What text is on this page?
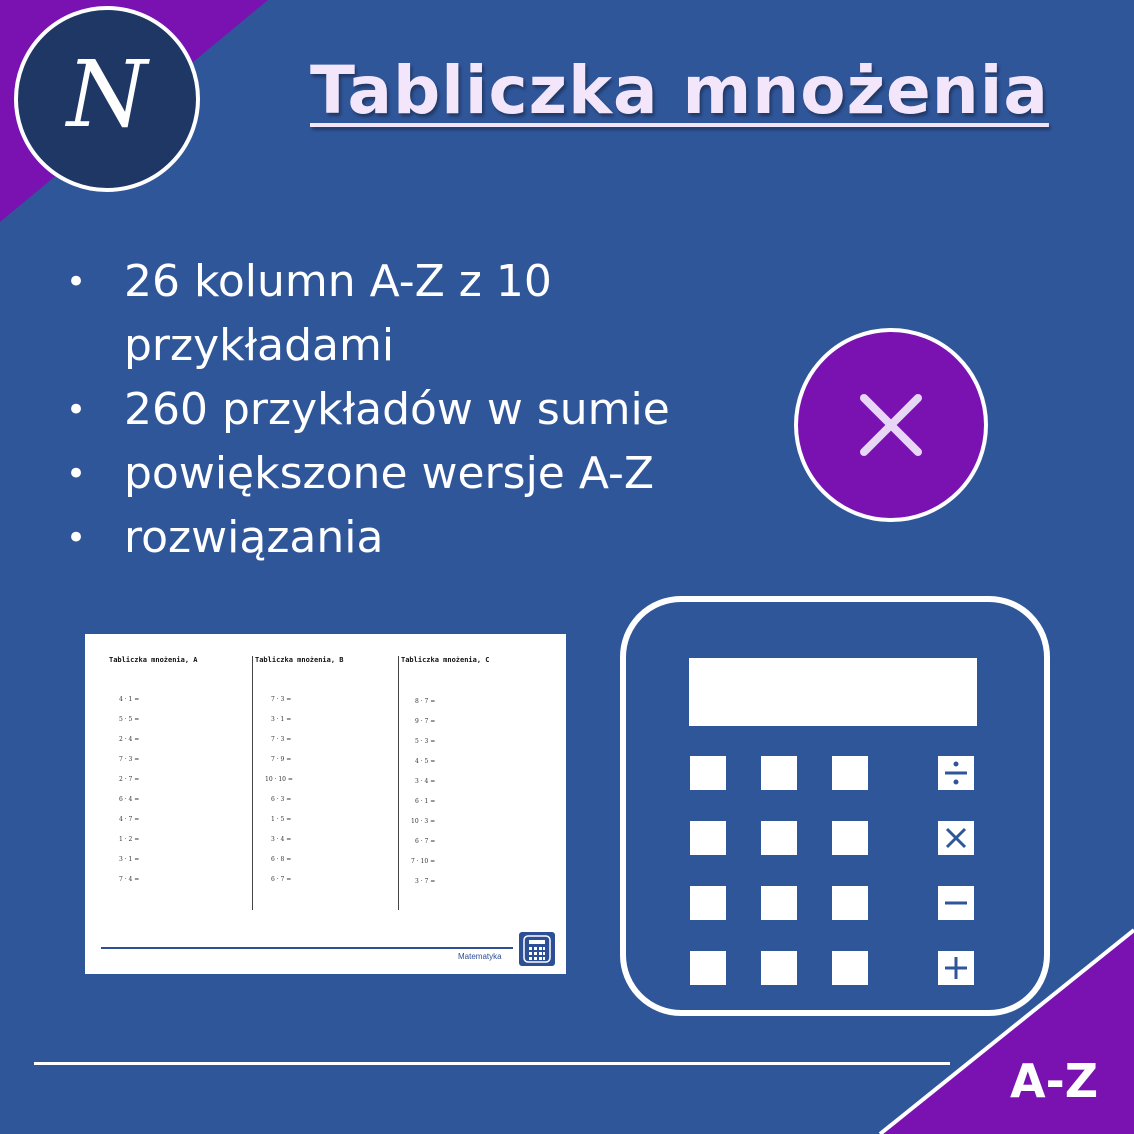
N Tabliczka mnożenia
• 26 kolumn A-Z z 10 przykładami
• 260 przykładów w sumie
• powiększone wersje A-Z
• rozwiązania
Tabliczka mnożenia, A
4 · 1 =
5 · 5 =
2 · 4 =
7 · 3 =
2 · 7 =
6 · 4 =
4 · 7 =
1 · 2 =
3 · 1 =
7 · 4 =
Tabliczka mnożenia, B
7 · 3 =
3 · 1 =
7 · 3 =
7 · 9 =
10 · 10 =
6 · 3 =
1 · 5 =
3 · 4 =
6 · 8 =
6 · 7 =
Tabliczka mnożenia, C
8 · 7 =
9 · 7 =
5 · 3 =
4 · 5 =
3 · 4 =
6 · 1 =
10 · 3 =
6 · 7 =
7 · 10 =
3 · 7 =
Matematyka
A-Z
